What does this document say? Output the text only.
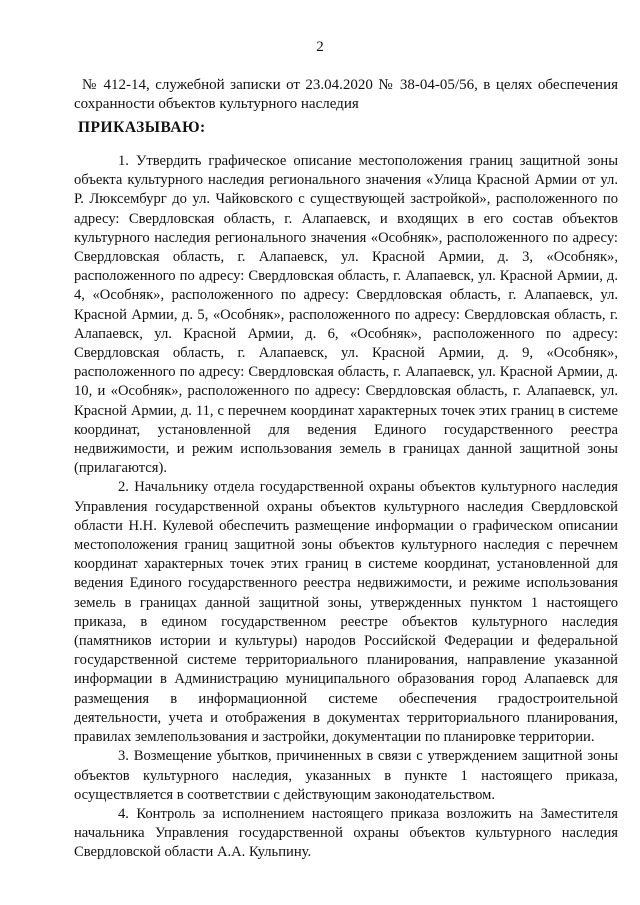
2

№ 412-14, служебной записки от 23.04.2020 № 38-04-05/56, в целях обеспечения сохранности объектов культурного наследия

ПРИКАЗЫВАЮ:

1. Утвердить графическое описание местоположения границ защитной зоны объекта культурного наследия регионального значения «Улица Красной Армии от ул. Р. Люксембург до ул. Чайковского с существующей застройкой», расположенного по адресу: Свердловская область, г. Алапаевск, и входящих в его состав объектов культурного наследия регионального значения «Особняк», расположенного по адресу: Свердловская область, г. Алапаевск, ул. Красной Армии, д. 3, «Особняк», расположенного по адресу: Свердловская область, г. Алапаевск, ул. Красной Армии, д. 4, «Особняк», расположенного по адресу: Свердловская область, г. Алапаевск, ул. Красной Армии, д. 5, «Особняк», расположенного по адресу: Свердловская область, г. Алапаевск, ул. Красной Армии, д. 6, «Особняк», расположенного по адресу: Свердловская область, г. Алапаевск, ул. Красной Армии, д. 9, «Особняк», расположенного по адресу: Свердловская область, г. Алапаевск, ул. Красной Армии, д. 10, и «Особняк», расположенного по адресу: Свердловская область, г. Алапаевск, ул. Красной Армии, д. 11, с перечнем координат характерных точек этих границ в системе координат, установленной для ведения Единого государственного реестра недвижимости, и режим использования земель в границах данной защитной зоны (прилагаются).

2. Начальнику отдела государственной охраны объектов культурного наследия Управления государственной охраны объектов культурного наследия Свердловской области Н.Н. Кулевой обеспечить размещение информации о графическом описании местоположения границ защитной зоны объектов культурного наследия с перечнем координат характерных точек этих границ в системе координат, установленной для ведения Единого государственного реестра недвижимости, и режиме использования земель в границах данной защитной зоны, утвержденных пунктом 1 настоящего приказа, в едином государственном реестре объектов культурного наследия (памятников истории и культуры) народов Российской Федерации и федеральной государственной системе территориального планирования, направление указанной информации в Администрацию муниципального образования город Алапаевск для размещения в информационной системе обеспечения градостроительной деятельности, учета и отображения в документах территориального планирования, правилах землепользования и застройки, документации по планировке территории.

3. Возмещение убытков, причиненных в связи с утверждением защитной зоны объектов культурного наследия, указанных в пункте 1 настоящего приказа, осуществляется в соответствии с действующим законодательством.

4. Контроль за исполнением настоящего приказа возложить на Заместителя начальника Управления государственной охраны объектов культурного наследия Свердловской области А.А. Кульпину.
